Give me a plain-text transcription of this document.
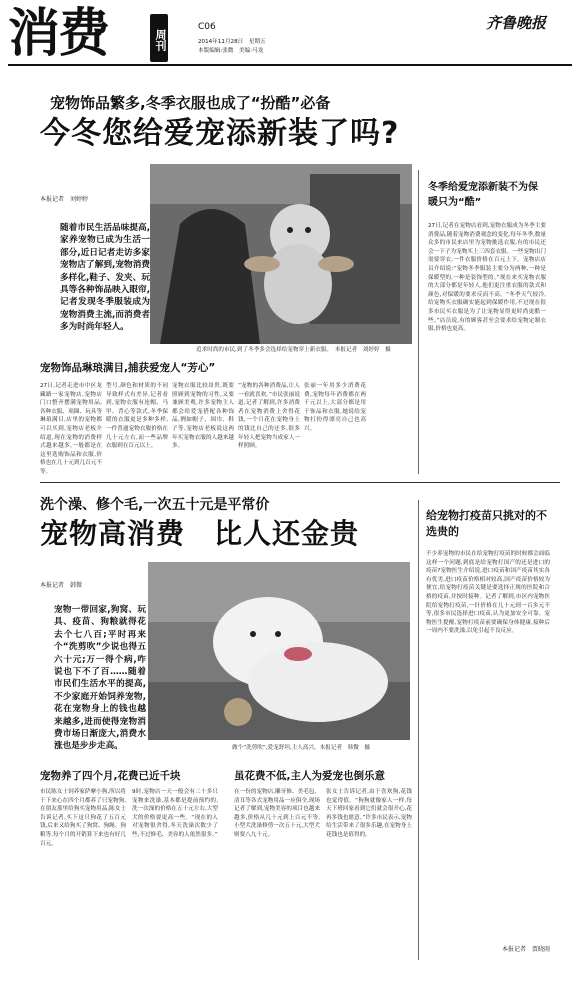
消费	周刊
C06
2014年11月28日　星期五
本版编辑:张微　美编:马龙
齐鲁晚报
宠物饰品繁多,冬季衣服也成了“扮酷”必备
今冬您给爱宠添新装了吗?
本报记者　刘婷婷
随着市民生活品味提高,家养宠物已成为生活一部分,近日记者走访多家宠物店了解到,宠物消费多样化,鞋子、发夹、玩具等各种饰品映入眼帘,记者发现冬季服装成为宠物消费主流,而消费者多为时尚年轻人。
追求时尚的市民,到了冬季多会选择给宠物穿上新衣服。　本报记者　刘婷婷　摄
宠物饰品琳琅满目,捕获爱宠人“芳心”
27日,记者走进市中区龙藏路一家宠物店,宠物店门口整齐摆满宠物用品,各种衣服、项圈、玩具等琳琅满目,店里的宠物都可以买到,宠物店老板介绍道,现在宠物的消费样式越来越多,一般都是在这里选购饰品和衣服,价格也在几十元到几百元不等。
型号,颜色和材质的不同导致样式有差异,记者看到,宠物衣服有连帽、马甲、背心等款式,冬季保暖的衣服更是多种多样,一件普通宠物衣服价格在几十元左右,而一些品牌衣服则在百元以上。
宠物衣服比较昂贵,既要照顾到宠物的习性,又要兼顾美观,许多宠物主人都会给爱宠搭配各种饰品,例如帽子、围巾、鞋子等,宠物店老板说这两年买宠物衣服的人越来越多。
“宠物的各种消费品,让人一看就喜欢。”市民张丽说道,记者了解到,许多消费者在宠物消费上舍得花钱,一个月花在宠物身上的钱比自己的还多,很多年轻人把宠物当成家人一样照顾。
张丽一年用多少消费花费,宠物每年消费都在两千元以上,大部分都是用于饰品和衣服,她说给宠物打扮得漂亮自己也高兴。
冬季给爱宠添新装不为保暖只为“酷”
27日,记者在宠物店看到,宠物衣服成为冬季主要消费品,随着宠物消费观念的变化,每年冬季,数量众多的市民来店里为宠物挑选衣服,有的市民还会一下子为宠物买上三四套衣服。一些宠物出门需要穿衣,一件衣服价格在百元上下。宠物店店员介绍说:“宠物冬季服装主要分为两种,一种是保暖型的,一种是装饰型的。”现在来买宠物衣服的大部分都是年轻人,他们更注重衣服的款式和颜色,对保暖的要求反而不高。“冬季天气较冷,给宠物买衣服确实能起到保暖作用,不过现在很多市民买衣服是为了让宠物显得更时尚更酷一些。”店员说,有的顾客甚至会要求给宠物定制衣服,价格也更高。
洗个澡、修个毛,一次五十元是平常价
宠物高消费　比人还金贵
本报记者　韩微
宠物一带回家,狗窝、玩具、疫苗、狗粮就得花去个七八百;平时再来个“洗剪吹”少说也得五六十元;万一得个病,咋说也下不了百……随着市民们生活水平的提高,不少家庭开始饲养宠物,花在宠物身上的钱也越来越多,进而使得宠物消费市场日渐庞大,消费水涨也是步步走高。	做个“洗剪吹”,爱宠舒坦,主人高兴。本报记者　韩微　摄
宠物养了四个月,花费已近千块	虽花费不低,主人为爱宠也倒乐意
市民陈女士饲养家萨摩小狗,所以将干下来心在四个月都养了只宠物狗,在朋友那里给狗买宠物用品,陈女士告诉记者,买下这只狗花了五百元钱,后来又给狗买了狗窝、狗绳、狗粮等,每个月的开销算下来也有好几百元。
9时,宠物店一天一般会有二十多只宠物来洗澡,基本都是提前预约的,洗一次澡的价格在五十元左右,大型犬的价格要更高一些。“现在的人对宠物很舍得,冬天洗澡次数少了些,不过修毛、美容的人依然很多。”
在一份的宠物店,雕牙修、美毛包、清耳等各式宠物用品一应俱全,现场记者了解到,宠物美容的项目也越来越多,价格从几十元到上百元不等,小型犬洗澡修剪一次五十元,大型犬则要八九十元。
张女士告诉记者,由于喜欢狗,花钱也觉得值。“狗狗就像家人一样,每天下班回家看到它们就会很开心,花再多钱也愿意。”许多市民表示,宠物给生活带来了很多乐趣,在宠物身上花钱也是值得的。
给宠物打疫苗只挑对的不选贵的
不少养宠物的市民在给宠物打疫苗的时候都会面临这样一个问题,到底是给宠物打国产的还是进口的疫苗?宠物医生介绍说,进口疫苗和国产疫苗其实各有优劣,进口疫苗价格相对较高,国产疫苗价格较为便宜,给宠物打疫苗关键是要选择正规的医院和合格的疫苗,并按时接种。记者了解到,市区内宠物医院给宠物打疫苗,一针价格在几十元到一百多元不等,很多市民选择进口疫苗,认为更加安全可靠。宠物医生提醒,宠物打疫苗前要确保身体健康,接种后一周内不要洗澡,以免引起不良反应。
本报记者　贾晓雨
